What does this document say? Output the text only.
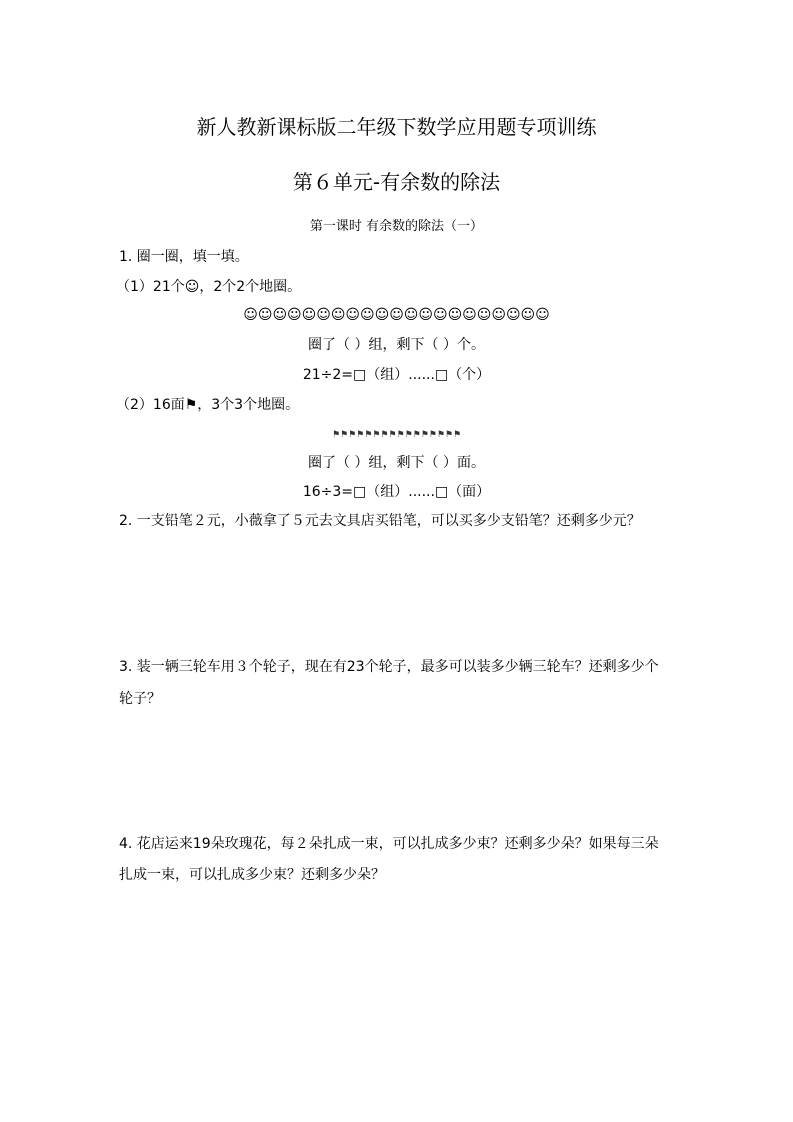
新人教新课标版二年级下数学应用题专项训练
第６单元-有余数的除法
第一课时 有余数的除法（一）
1. 圈一圈，填一填。
（1）21个☺，2个2个地圈。
☺☺☺☺☺☺☺☺☺☺☺☺☺☺☺☺☺☺☺☺☺
圈了（ ）组，剩下（ ）个。
21÷2=□（组）......□（个）
（2）16面⚑，3个3个地圈。
⚑⚑⚑⚑⚑⚑⚑⚑⚑⚑⚑⚑⚑⚑⚑⚑
圈了（ ）组，剩下（ ）面。
16÷3=□（组）......□（面）
2. 一支铅笔２元，小薇拿了５元去文具店买铅笔，可以买多少支铅笔？还剩多少元？
3. 装一辆三轮车用３个轮子，现在有23个轮子，最多可以装多少辆三轮车？还剩多少个
轮子？
4. 花店运来19朵玫瑰花，每２朵扎成一束，可以扎成多少束？还剩多少朵？如果每三朵
扎成一束，可以扎成多少束？还剩多少朵？
